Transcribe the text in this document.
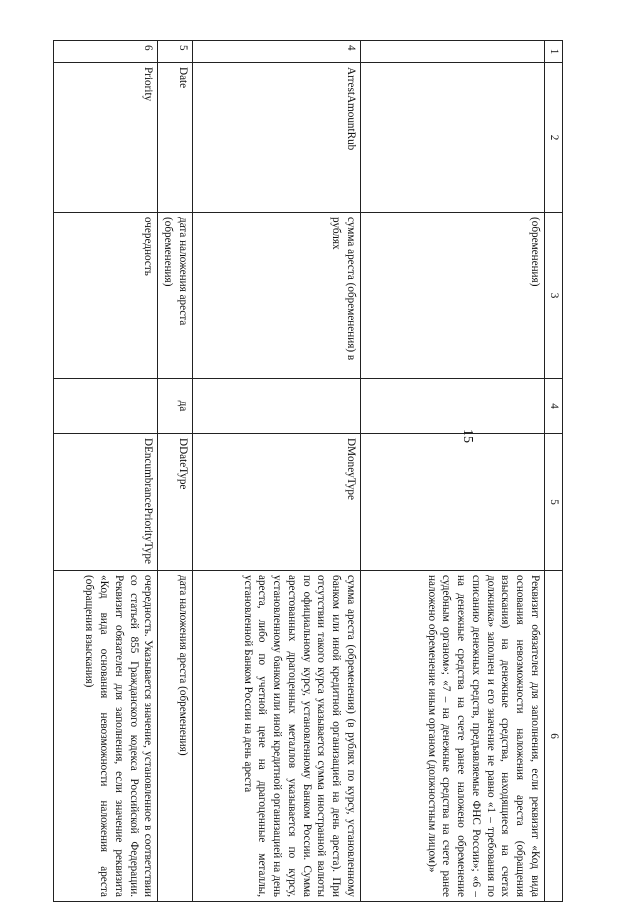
15
1	2	3	4	5	6
		(обременения)			Реквизит обязателен для заполнения, если реквизит «Код вида основания невозможности наложения ареста (обращения взыскания) на денежные средства, находящиеся на счетах должника» заполнен и его значение не равно «1 – требования по списанию денежных средств, предъявляемые ФНС России»; «6 – на денежные средства на счете ранее наложено обременение судебным органом»; «7 – на денежные средства на счете ранее наложено обременение иным органом (должностным лицом)»
4	ArrestAmountRub	сумма ареста (обременения) в рублях		DMoneyType	сумма ареста (обременения) (в рублях по курсу, установленному банком или иной кредитной организацией на день ареста). При отсутствии такого курса указывается сумма иностранной валюты по официальному курсу, установленному Банком России. Сумма арестованных драгоценных металлов указывается по курсу, установленному банком или иной кредитной организацией на день ареста, либо по учетной цене на драгоценные металлы, установленной Банком России на день ареста
5	Date	дата наложения ареста (обременения)	да	DDateType	дата наложения ареста (обременения)
6	Priority	очередность		DEncumbrancePriorityType	очередность. Указывается значение, установленное в соответствии со статьей 855 Гражданского кодекса Российской Федерации. Реквизит обязателен для заполнения, если значение реквизита «Код вида основания невозможности наложения ареста (обращения взыскания)
